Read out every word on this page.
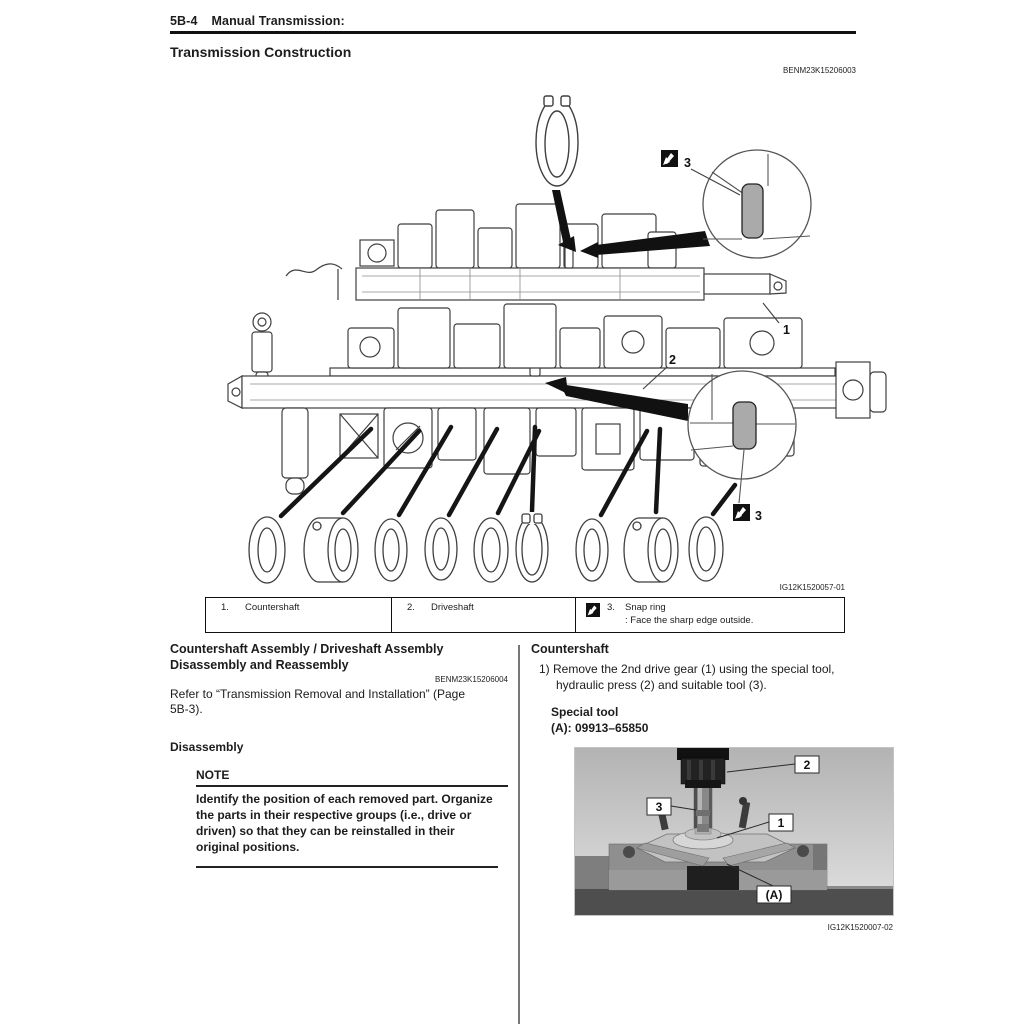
5B-4 Manual Transmission:
Transmission Construction
BENM23K15206003
1
2
3
3
IG12K1520057-01
1. Countershaft	2. Driveshaft	3.	Snap ring
: Face the sharp edge outside.
Countershaft Assembly / Driveshaft Assembly Disassembly and Reassembly
BENM23K15206004
Refer to “Transmission Removal and Installation” (Page 5B-3).
Disassembly
NOTE
Identify the position of each removed part. Organize the parts in their respective groups (i.e., drive or driven) so that they can be reinstalled in their original positions.
Countershaft
1) Remove the 2nd drive gear (1) using the special tool, hydraulic press (2) and suitable tool (3).
Special tool
(A): 09913–65850
2
3
1
(A)
IG12K1520007-02
